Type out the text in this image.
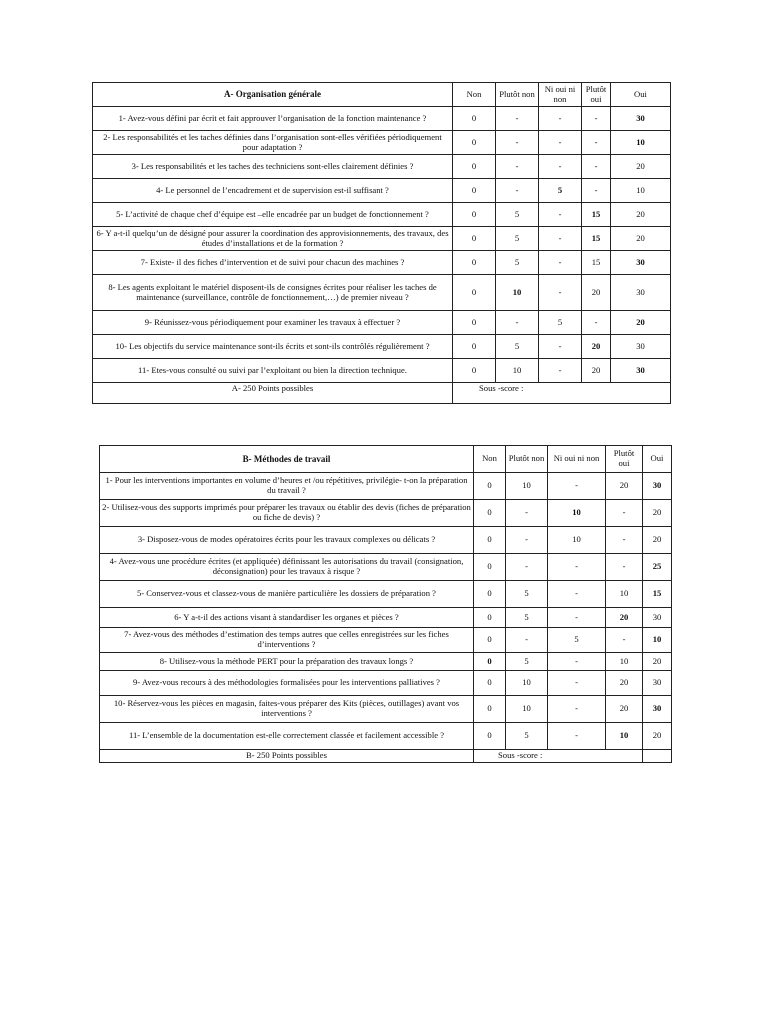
A- Organisation générale	Non	Plutôt non	Ni oui ni non	Plutôt oui	Oui	
1- Avez-vous défini par écrit et fait approuver l’organisation de la fonction maintenance ?	0	-	-	-	30	
2- Les responsabilités et les taches définies dans l’organisation sont-elles vérifiées périodiquement pour adaptation ?	0	-	-	-	10	
3- Les responsabilités et les taches des techniciens sont-elles clairement définies ?	0	-	-	-	20	
4- Le personnel de l’encadrement et de supervision est-il suffisant ?	0	-	5	-	10	
5- L’activité de chaque chef d’équipe est –elle encadrée par un budget de fonctionnement ?	0	5	-	15	20	
6- Y a-t-il quelqu’un de désigné pour assurer la coordination des approvisionnements, des travaux, des études d’installations et de la formation ?	0	5	-	15	20	
7- Existe- il des fiches d’intervention et de suivi pour chacun des machines ?	0	5	-	15	30	
8- Les agents exploitant le matériel disposent-ils de consignes écrites pour réaliser les taches de maintenance (surveillance, contrôle de fonctionnement,…) de premier niveau ?	0	10	-	20	30	
9- Réunissez-vous périodiquement pour examiner les travaux à effectuer ?	0	-	5	-	20	
10- Les objectifs du service maintenance sont-ils écrits et sont-ils contrôlés régulièrement ?	0	5	-	20	30	
11- Etes-vous consulté ou suivi par l’exploitant ou bien la direction technique.	0	10	-	20	30	
A- 250 Points possibles	Sous -score :					
B- Méthodes de travail	Non	Plutôt non	Ni oui ni non	Plutôt oui	Oui
1- Pour les interventions importantes en volume d’heures et /ou répétitives, privilégie- t-on la préparation du travail ?	0	10	-	20	30
2- Utilisez-vous des supports imprimés pour préparer les travaux ou établir des devis (fiches de préparation ou fiche de devis) ?	0	-	10	-	20
3- Disposez-vous de modes opératoires écrits pour les travaux complexes ou délicats ?	0	-	10	-	20
4- Avez-vous une procédure écrites (et appliquée) définissant les autorisations du travail (consignation, déconsignation) pour les travaux à risque ?	0	-	-	-	25
5- Conservez-vous et classez-vous de manière particulière les dossiers de préparation ?	0	5	-	10	15
6- Y a-t-il des actions visant à standardiser les organes et pièces ?	0	5	-	20	30
7- Avez-vous des méthodes d’estimation des temps autres que celles enregistrées sur les fiches d’interventions ?	0	-	5	-	10
8- Utilisez-vous la méthode PERT pour la préparation des travaux longs ?	0	5	-	10	20
9- Avez-vous recours à des méthodologies formalisées pour les interventions palliatives ?	0	10	-	20	30
10- Réservez-vous les pièces en magasin, faites-vous préparer des Kits (pièces, outillages) avant vos interventions ?	0	10	-	20	30
11- L’ensemble de la documentation est-elle correctement classée et facilement accessible ?	0	5	-	10	20
B- 250 Points possibles	Sous -score :				
